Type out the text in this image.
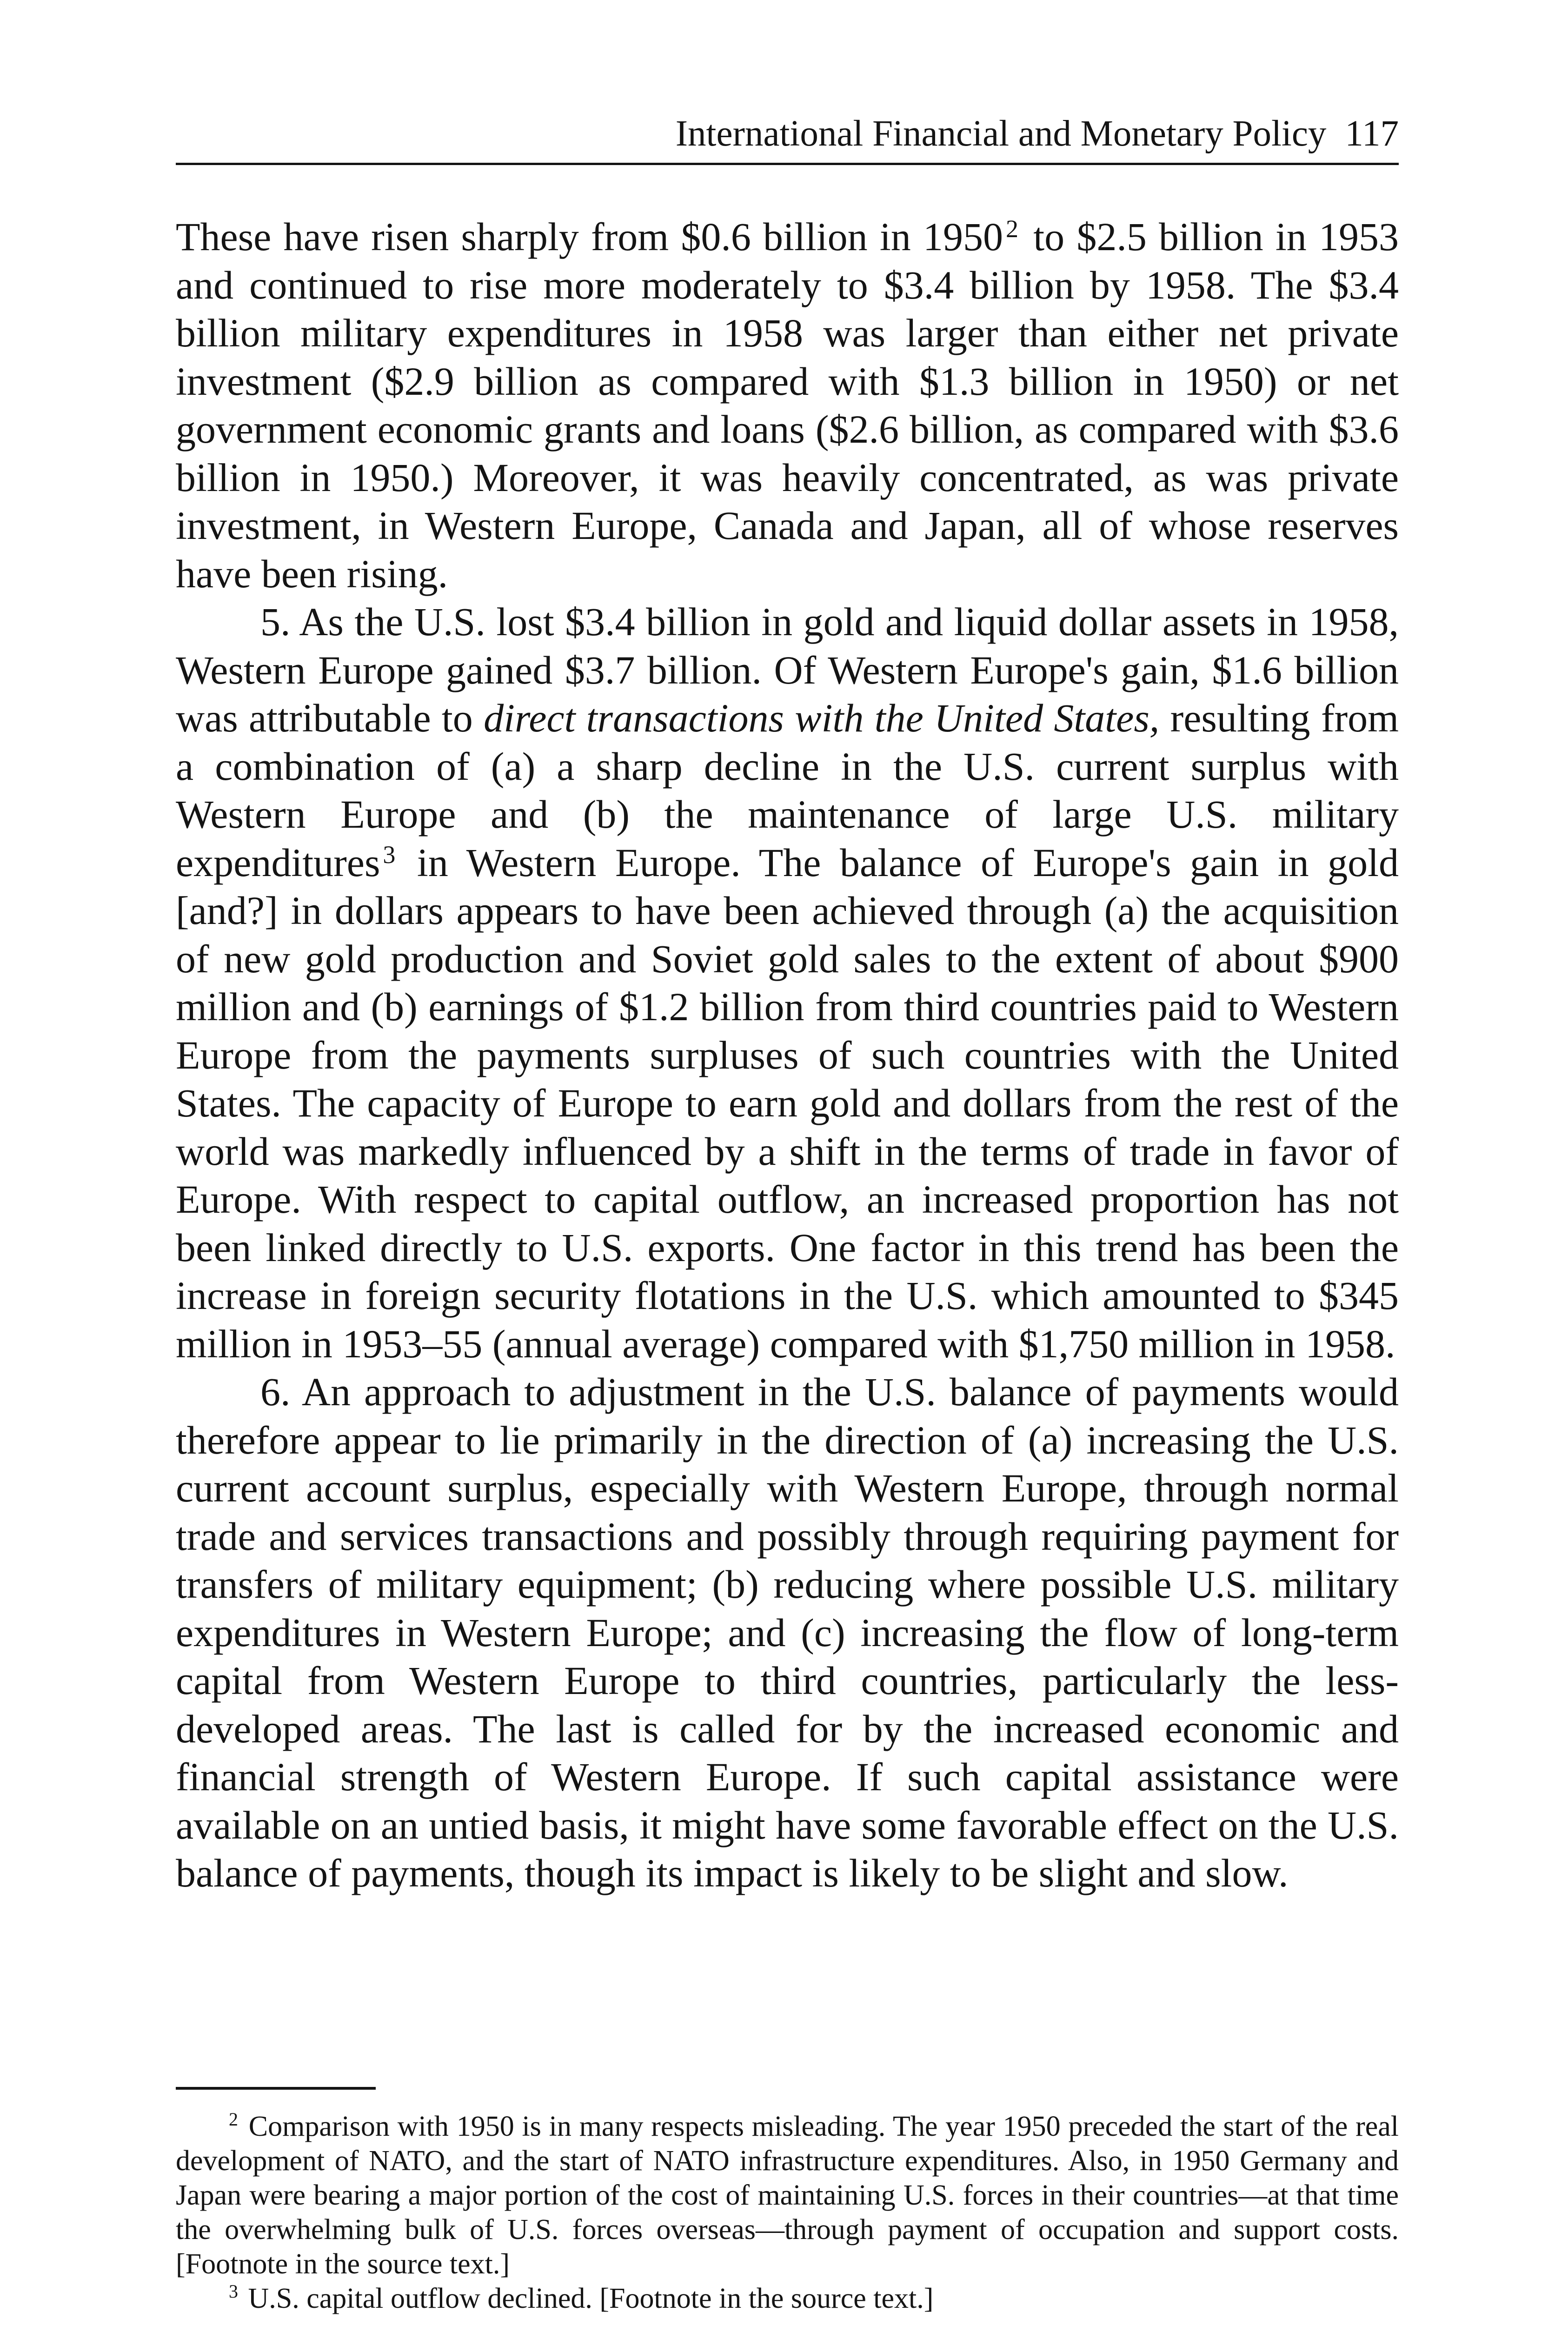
International Financial and Monetary Policy 117

These have risen sharply from $0.6 billion in 1950 $^2$ to $2.5 billion in 1953 and continued to rise more moderately to $3.4 billion by 1958. The $3.4 billion military expenditures in 1958 was larger than either net private investment ($2.9 billion as compared with $1.3 billion in 1950) or net government economic grants and loans ($2.6 billion, as compared with $3.6 billion in 1950.) Moreover, it was heavily concentrated, as was private investment, in Western Europe, Canada and Japan, all of whose reserves have been rising.

5. As the U.S. lost $3.4 billion in gold and liquid dollar assets in 1958, Western Europe gained $3.7 billion. Of Western Europe's gain, $1.6 billion was attributable to direct transactions with the United States, resulting from a combination of (a) a sharp decline in the U.S. current surplus with Western Europe and (b) the maintenance of large U.S. military expenditures $^3$ in Western Europe. The balance of Europe's gain in gold [and?] in dollars appears to have been achieved through (a) the acquisition of new gold production and Soviet gold sales to the extent of about $900 million and (b) earnings of $1.2 billion from third countries paid to Western Europe from the payments surpluses of such countries with the United States. The capacity of Europe to earn gold and dollars from the rest of the world was markedly influenced by a shift in the terms of trade in favor of Europe. With respect to capital outflow, an increased proportion has not been linked directly to U.S. exports. One factor in this trend has been the increase in foreign security flotations in the U.S. which amounted to $345 million in 1953–55 (annual average) compared with $1,750 million in 1958.

6. An approach to adjustment in the U.S. balance of payments would therefore appear to lie primarily in the direction of (a) increasing the U.S. current account surplus, especially with Western Europe, through normal trade and services transactions and possibly through requiring payment for transfers of military equipment; (b) reducing where possible U.S. military expenditures in Western Europe; and (c) increasing the flow of long-term capital from Western Europe to third countries, particularly the less-developed areas. The last is called for by the increased economic and financial strength of Western Europe. If such capital assistance were available on an untied basis, it might have some favorable effect on the U.S. balance of payments, though its impact is likely to be slight and slow.

$^2$ Comparison with 1950 is in many respects misleading. The year 1950 preceded the start of the real development of NATO, and the start of NATO infrastructure expenditures. Also, in 1950 Germany and Japan were bearing a major portion of the cost of maintaining U.S. forces in their countries—at that time the overwhelming bulk of U.S. forces overseas—through payment of occupation and support costs. [Footnote in the source text.]

$^3$ U.S. capital outflow declined. [Footnote in the source text.]
